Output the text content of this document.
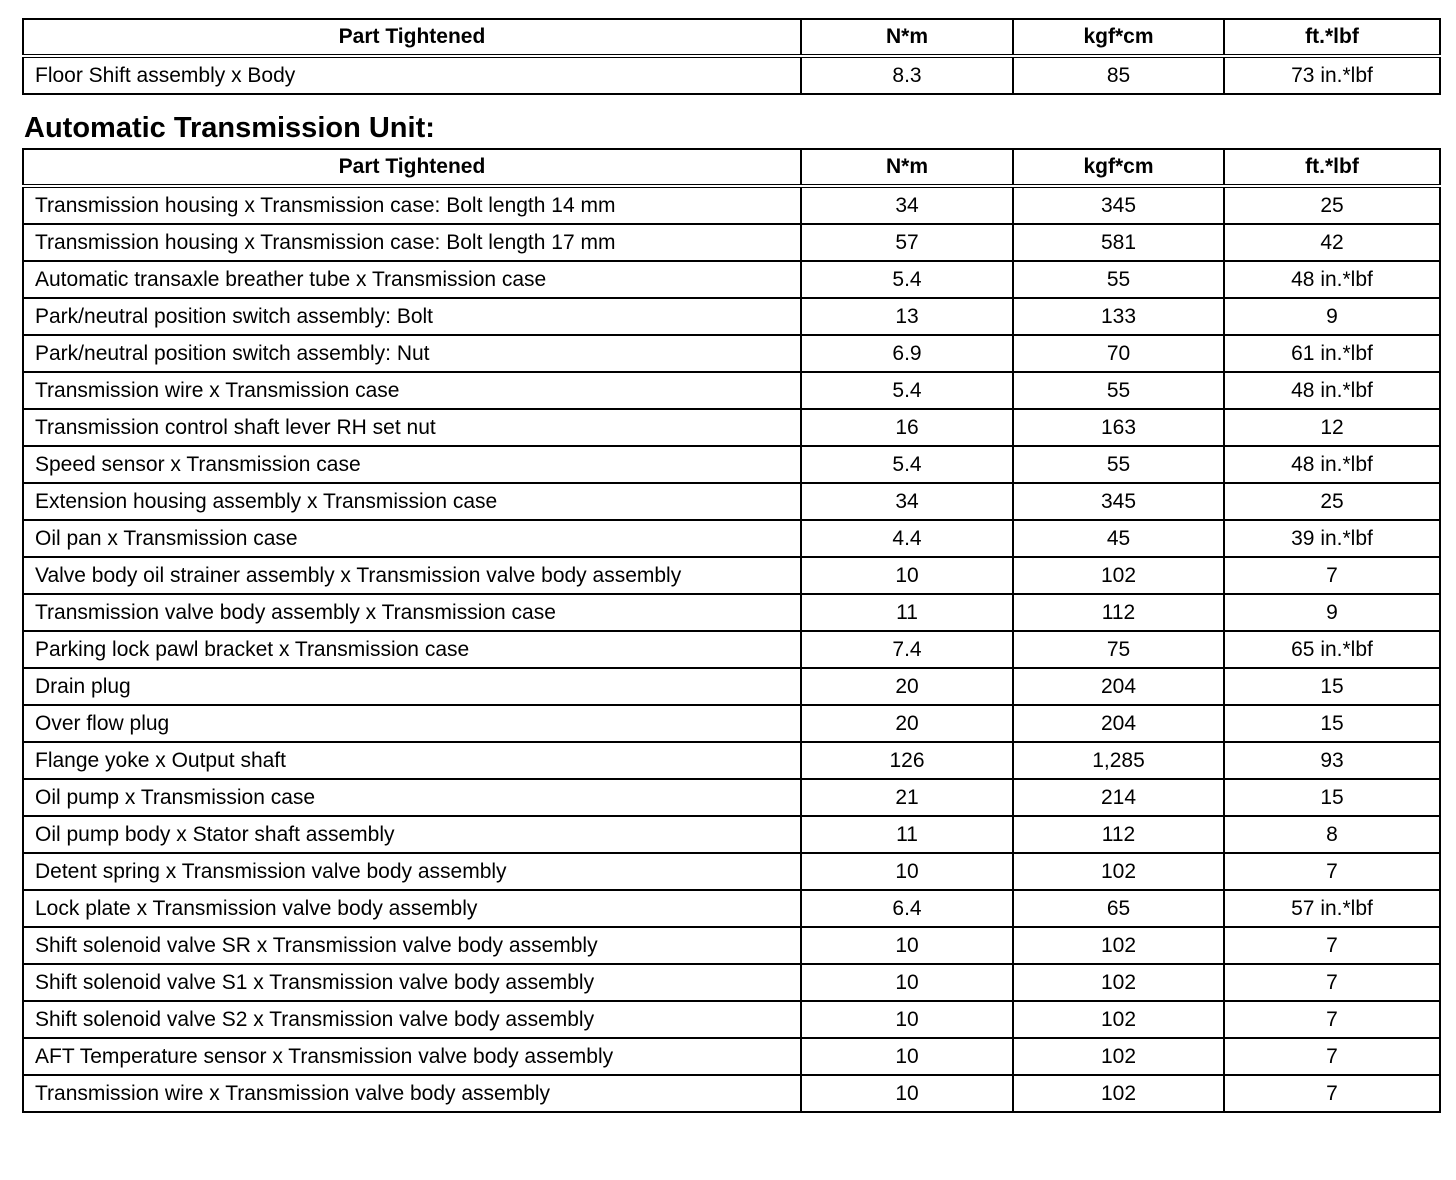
Part Tightened	N*m	kgf*cm	ft.*lbf
Floor Shift assembly x Body	8.3	85	73 in.*lbf
Automatic Transmission Unit:
Part Tightened	N*m	kgf*cm	ft.*lbf
Transmission housing x Transmission case: Bolt length 14 mm	34	345	25
Transmission housing x Transmission case: Bolt length 17 mm	57	581	42
Automatic transaxle breather tube x Transmission case	5.4	55	48 in.*lbf
Park/neutral position switch assembly: Bolt	13	133	9
Park/neutral position switch assembly: Nut	6.9	70	61 in.*lbf
Transmission wire x Transmission case	5.4	55	48 in.*lbf
Transmission control shaft lever RH set nut	16	163	12
Speed sensor x Transmission case	5.4	55	48 in.*lbf
Extension housing assembly x Transmission case	34	345	25
Oil pan x Transmission case	4.4	45	39 in.*lbf
Valve body oil strainer assembly x Transmission valve body assembly	10	102	7
Transmission valve body assembly x Transmission case	11	112	9
Parking lock pawl bracket x Transmission case	7.4	75	65 in.*lbf
Drain plug	20	204	15
Over flow plug	20	204	15
Flange yoke x Output shaft	126	1,285	93
Oil pump x Transmission case	21	214	15
Oil pump body x Stator shaft assembly	11	112	8
Detent spring x Transmission valve body assembly	10	102	7
Lock plate x Transmission valve body assembly	6.4	65	57 in.*lbf
Shift solenoid valve SR x Transmission valve body assembly	10	102	7
Shift solenoid valve S1 x Transmission valve body assembly	10	102	7
Shift solenoid valve S2 x Transmission valve body assembly	10	102	7
AFT Temperature sensor x Transmission valve body assembly	10	102	7
Transmission wire x Transmission valve body assembly	10	102	7
